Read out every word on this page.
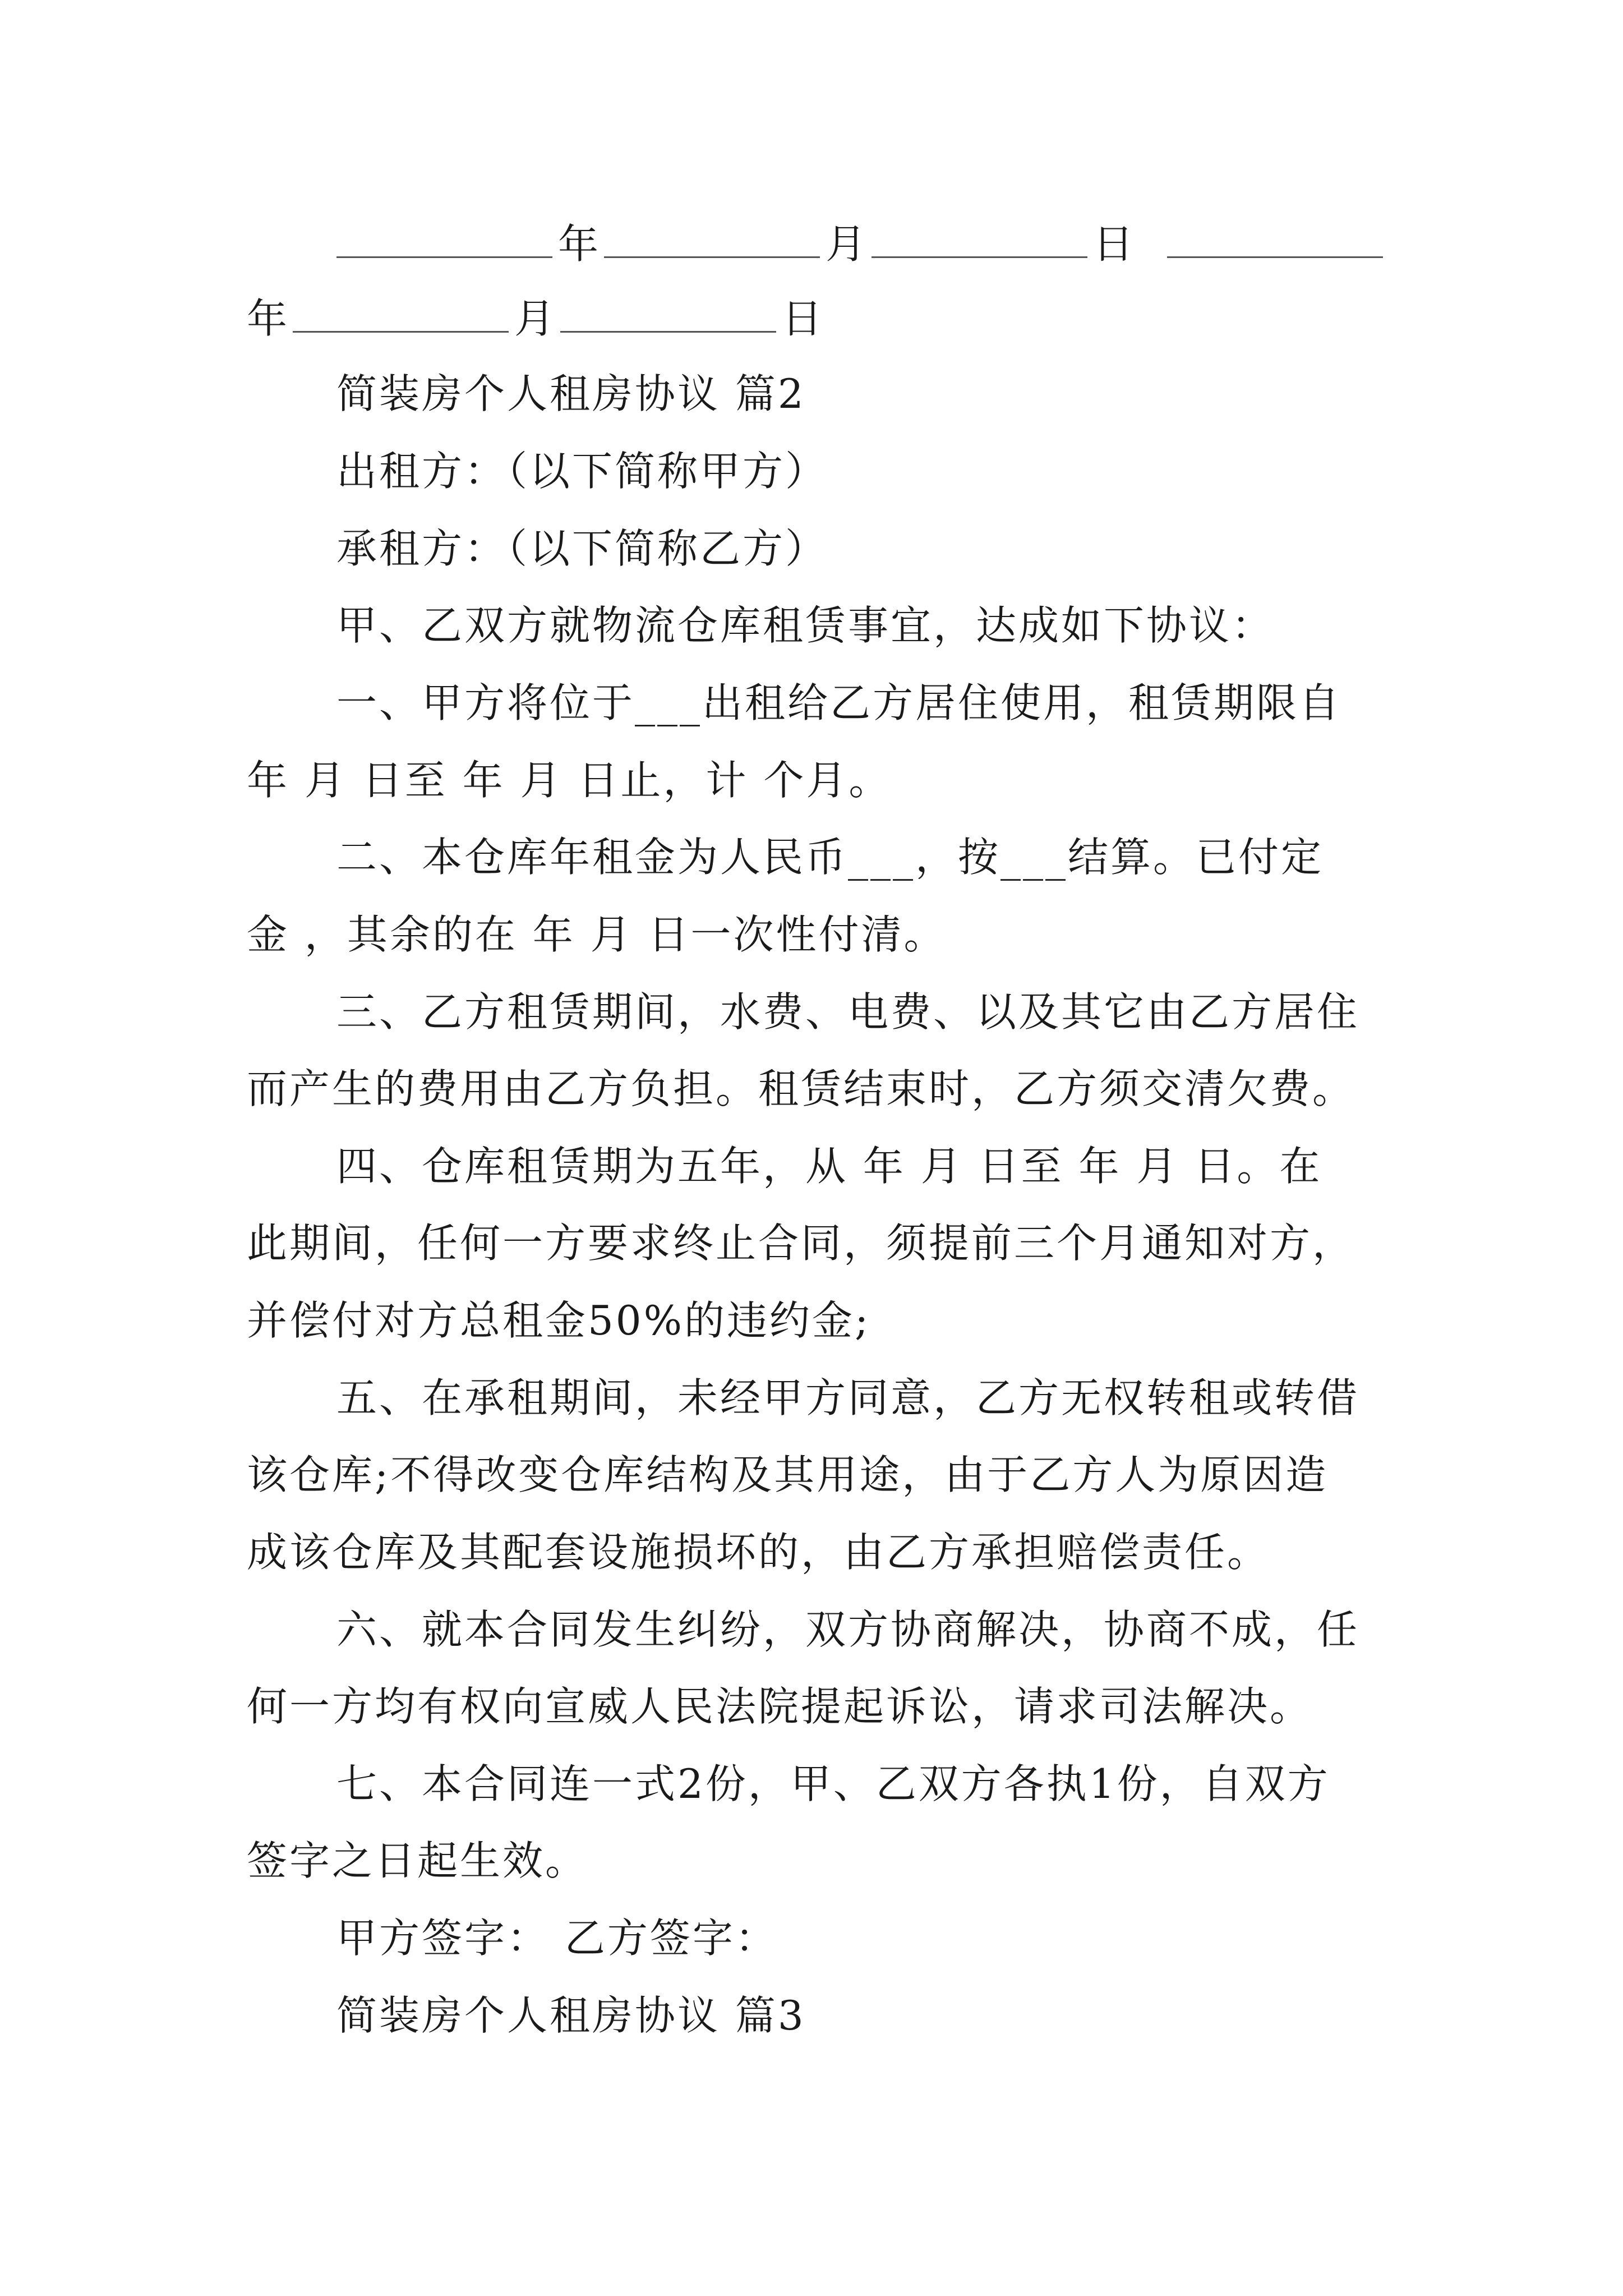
年	月	日
年	月	日
简装房个人租房协议 篇2
出租方：（以下简称甲方）
承租方：（以下简称乙方）
甲、乙双方就物流仓库租赁事宜，达成如下协议：
一、甲方将位于___出租给乙方居住使用，租赁期限自
年 月 日至 年 月 日止，计 个月。
二、本仓库年租金为人民币___，按___结算。已付定
金 ，其余的在 年 月 日一次性付清。
三、乙方租赁期间，水费、电费、以及其它由乙方居住
而产生的费用由乙方负担。租赁结束时，乙方须交清欠费。
四、仓库租赁期为五年，从 年 月 日至 年 月 日。在
此期间，任何一方要求终止合同，须提前三个月通知对方，
并偿付对方总租金50%的违约金;
五、在承租期间，未经甲方同意，乙方无权转租或转借
该仓库;不得改变仓库结构及其用途，由于乙方人为原因造
成该仓库及其配套设施损坏的，由乙方承担赔偿责任。
六、就本合同发生纠纷，双方协商解决，协商不成，任
何一方均有权向宣威人民法院提起诉讼，请求司法解决。
七、本合同连一式2份，甲、乙双方各执1份，自双方
签字之日起生效。
甲方签字： 乙方签字：
简装房个人租房协议 篇3
